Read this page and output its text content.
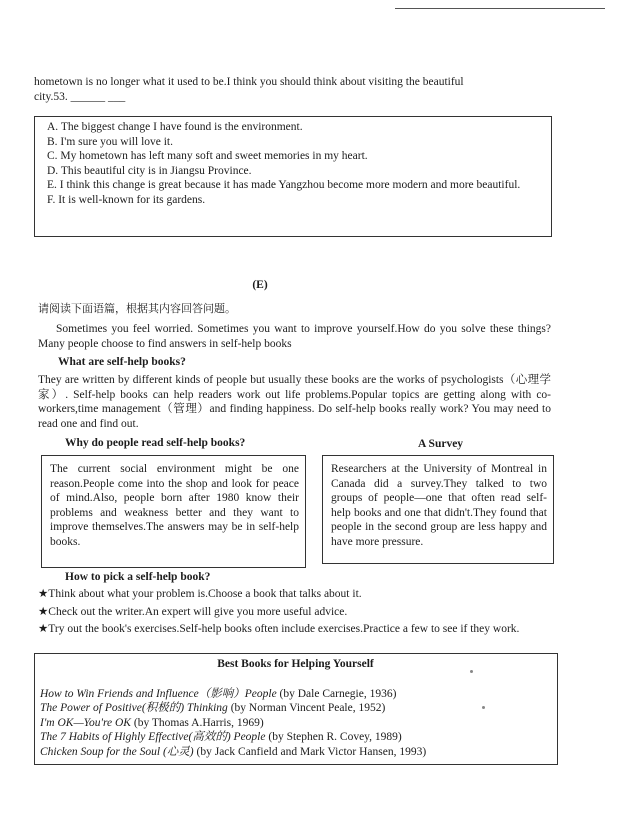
hometown is no longer what it used to be.I think you should think about visiting the beautiful

city.53. ______ ___

A. The biggest change I have found is the environment.

B. I'm sure you will love it.

C. My hometown has left many soft and sweet memories in my heart.

D. This beautiful city is in Jiangsu Province.

E. I think this change is great because it has made Yangzhou become more modern and more beautiful.

F. It is well-known for its gardens.

(E)
请阅读下面语篇，根据其内容回答问题。
Sometimes you feel worried. Sometimes you want to improve yourself.How do you solve these things? Many people choose to find answers in self-help books
What are self-help books?
They are written by different kinds of people but usually these books are the works of psychologists（心理学家）. Self-help books can help readers work out life problems.Popular topics are getting along with co-workers,time management（管理）and finding happiness. Do self-help books really work? You may need to read one and find out.
Why do people read self-help books?	A Survey
The current social environment might be one reason.People come into the shop and look for peace of mind.Also, people born after 1980 know their problems and weakness better and they want to improve themselves.The answers may be in self-help books.
Researchers at the University of Montreal in Canada did a survey.They talked to two groups of people—one that often read self- help books and one that didn't.They found that people in the second group are less happy and have more pressure.
How to pick a self-help book?

★Think about what your problem is.Choose a book that talks about it.

★Check out the writer.An expert will give you more useful advice.

★Try out the book's exercises.Self-help books often include exercises.Practice a few to see if they work.

Best Books for Helping Yourself

How to Win Friends and Influence（影响）People (by Dale Carnegie, 1936)

The Power of Positive(积极的) Thinking (by Norman Vincent Peale, 1952)

I'm OK—You're OK (by Thomas A.Harris, 1969)

The 7 Habits of Highly Effective(高效的) People (by Stephen R. Covey, 1989)

Chicken Soup for the Soul (心灵) (by Jack Canfield and Mark Victor Hansen, 1993)
